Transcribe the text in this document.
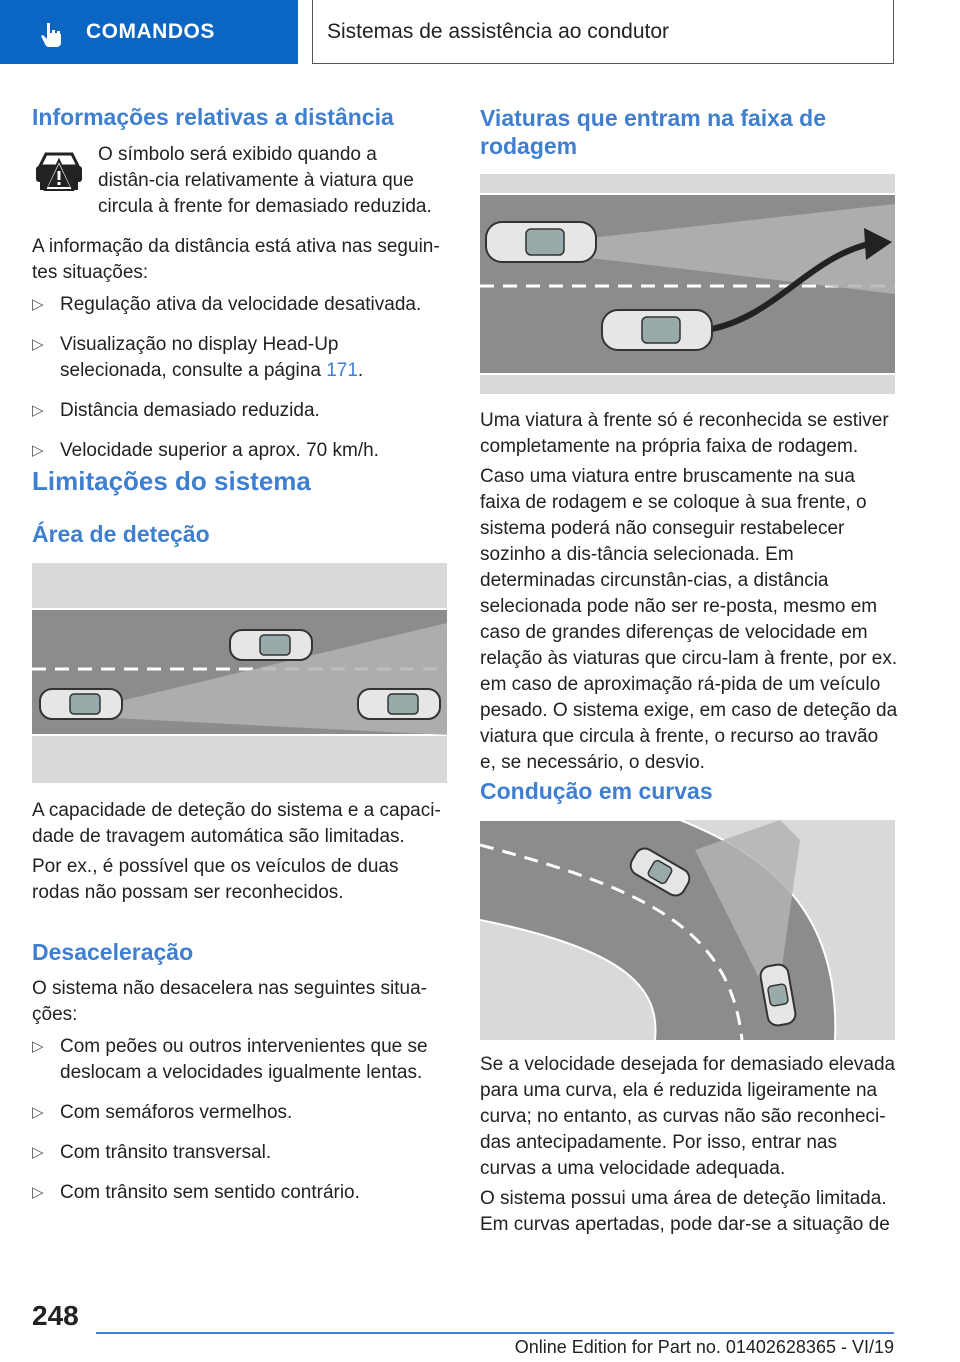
COMANDOS	Sistemas de assistência ao condutor
Informações relativas a distância

O símbolo será exibido quando a distân-cia relativamente à viatura que circula à frente for demasiado reduzida.

A informação da distância está ativa nas seguin-tes situações:

▷ Regulação ativa da velocidade desativada.
▷ Visualização no display Head-Up selecionada, consulte a página 171.
▷ Distância demasiado reduzida.
▷ Velocidade superior a aprox. 70 km/h.
Limitações do sistema
Área de deteção

A capacidade de deteção do sistema e a capaci-dade de travagem automática são limitadas.

Por ex., é possível que os veículos de duas rodas não possam ser reconhecidos.

Desaceleração

O sistema não desacelera nas seguintes situa-ções:

▷ Com peões ou outros intervenientes que se deslocam a velocidades igualmente lentas.
▷ Com semáforos vermelhos.
▷ Com trânsito transversal.
▷ Com trânsito sem sentido contrário.
Viaturas que entram na faixa de rodagem

Uma viatura à frente só é reconhecida se estiver completamente na própria faixa de rodagem.

Caso uma viatura entre bruscamente na sua faixa de rodagem e se coloque à sua frente, o sistema poderá não conseguir restabelecer sozinho a dis-tância selecionada. Em determinadas circunstân-cias, a distância selecionada pode não ser re-posta, mesmo em caso de grandes diferenças de velocidade em relação às viaturas que circu-lam à frente, por ex. em caso de aproximação rá-pida de um veículo pesado. O sistema exige, em caso de deteção da viatura que circula à frente, o recurso ao travão e, se necessário, o desvio.

Condução em curvas

Se a velocidade desejada for demasiado elevada para uma curva, ela é reduzida ligeiramente na curva; no entanto, as curvas não são reconheci-das antecipadamente. Por isso, entrar nas curvas a uma velocidade adequada.

O sistema possui uma área de deteção limitada. Em curvas apertadas, pode dar-se a situação de

248
Online Edition for Part no. 01402628365 - VI/19
